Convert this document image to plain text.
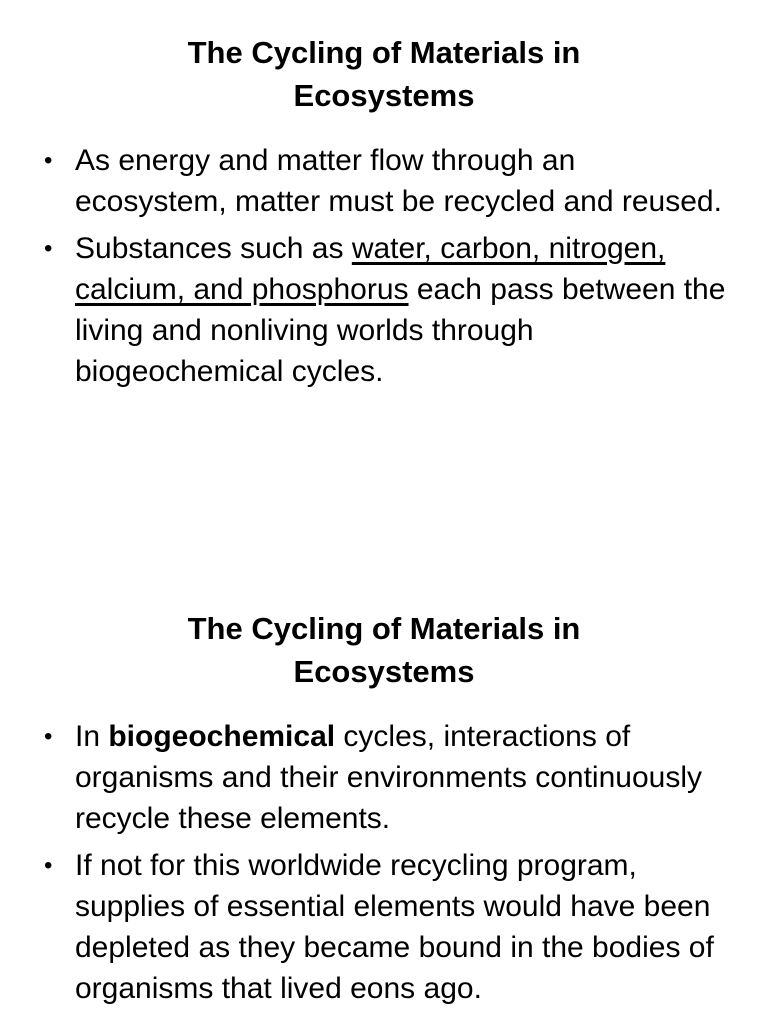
The Cycling of Materials in
Ecosystems
• As energy and matter flow through an ecosystem, matter must be recycled and reused.
• Substances such as water, carbon, nitrogen, calcium, and phosphorus each pass between the living and nonliving worlds through biogeochemical cycles.
The Cycling of Materials in
Ecosystems
• In biogeochemical cycles, interactions of organisms and their environments continuously recycle these elements.
• If not for this worldwide recycling program, supplies of essential elements would have been depleted as they became bound in the bodies of organisms that lived eons ago.
